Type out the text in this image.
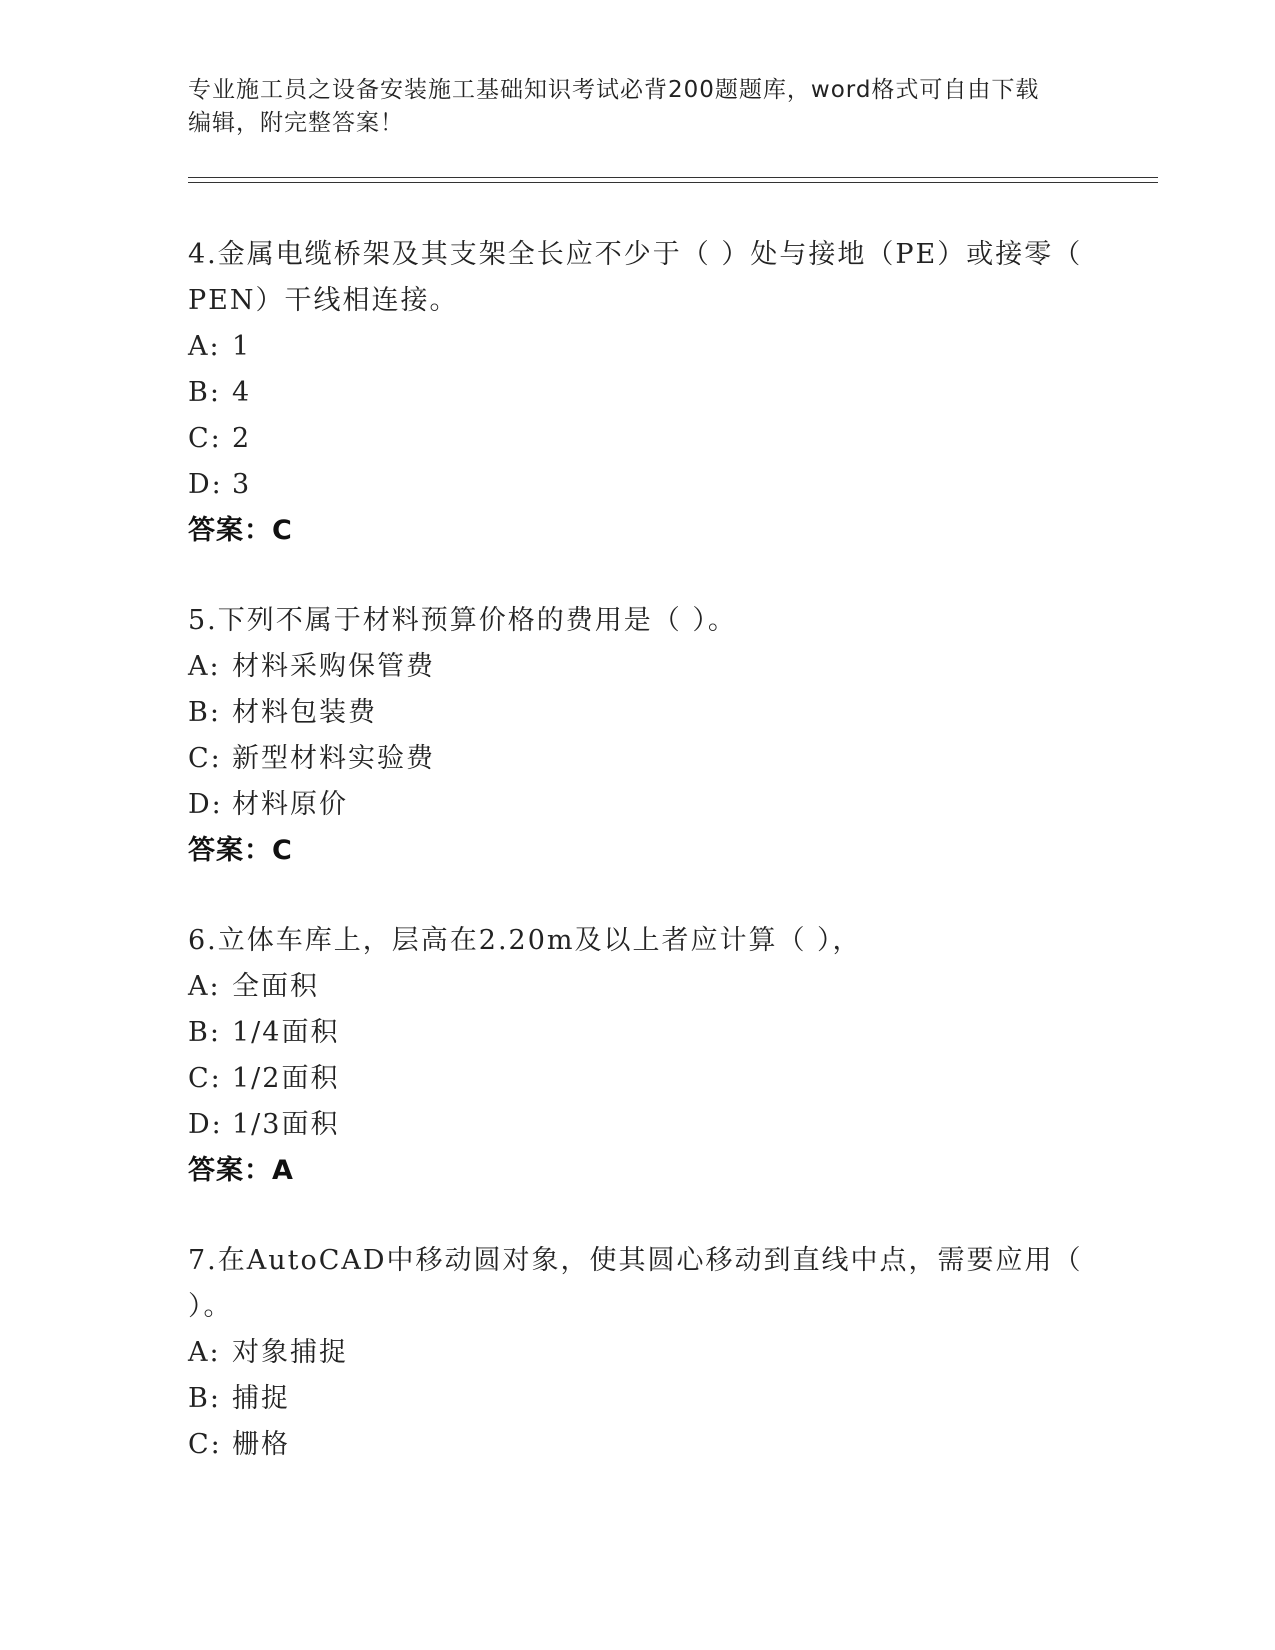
专业施工员之设备安装施工基础知识考试必背200题题库，word格式可自由下载
编辑，附完整答案！
4.金属电缆桥架及其支架全长应不少于（ ）处与接地（PE）或接零（
PEN）干线相连接。
A: 1
B: 4
C: 2
D: 3
答案：C
5.下列不属于材料预算价格的费用是（ ）。
A: 材料采购保管费
B: 材料包装费
C: 新型材料实验费
D: 材料原价
答案：C
6.立体车库上，层高在2.20m及以上者应计算（ ），
A: 全面积
B: 1/4面积
C: 1/2面积
D: 1/3面积
答案：A
7.在AutoCAD中移动圆对象，使其圆心移动到直线中点，需要应用（
）。
A: 对象捕捉
B: 捕捉
C: 栅格
